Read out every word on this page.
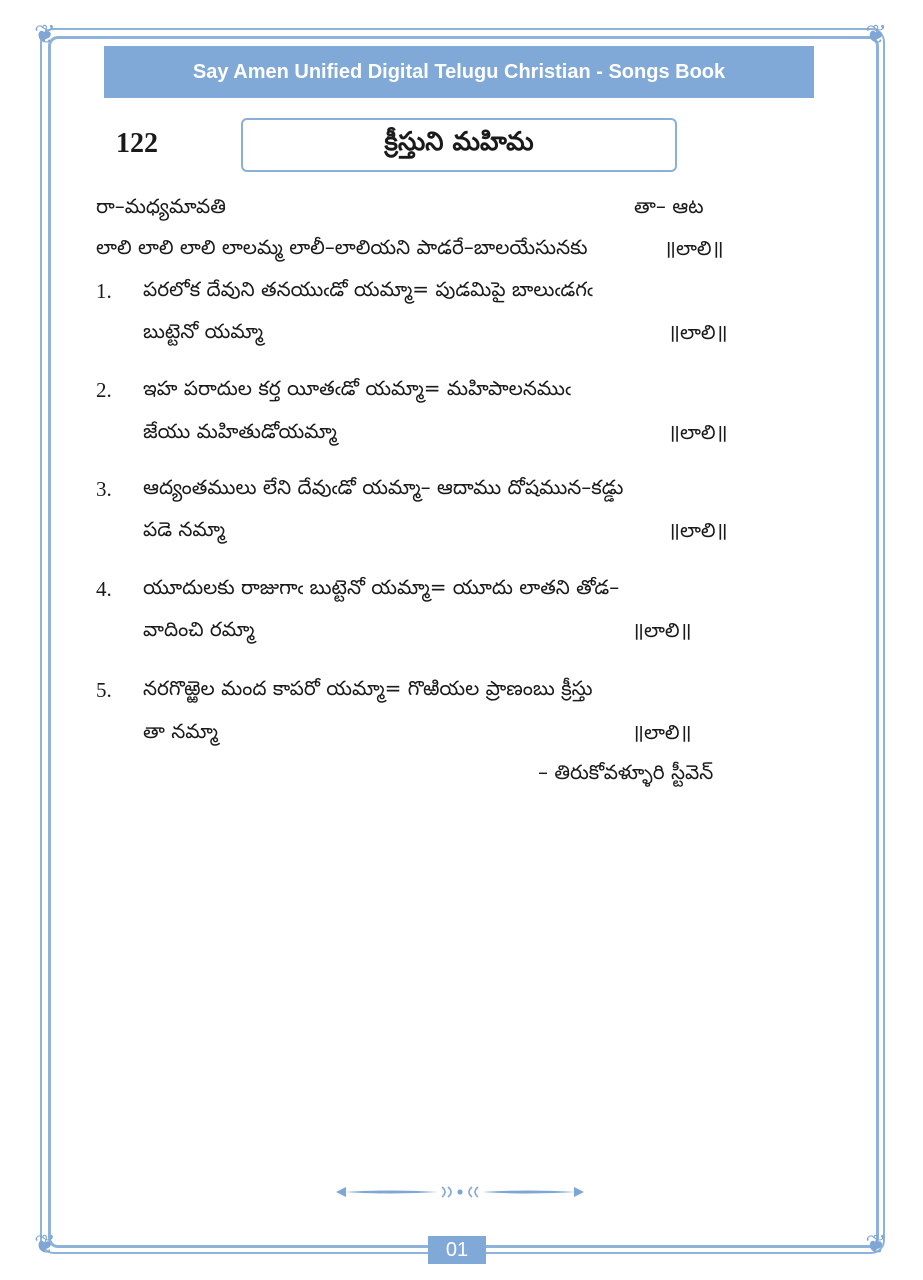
❦	❦
❦	❦
Say Amen Unified Digital Telugu Christian - Songs Book
122	క్రీస్తుని మహిమ
రా–మధ్యమావతి	తా– ఆట
లాలి లాలి లాలి లాలమ్మ లాలీ–లాలియని పాడరే–బాలయేసునకు	॥లాలి॥
1. పరలోక దేవుని తనయుఁడో యమ్మా= పుడమిపై బాలుఁడగఁ
బుట్టెనో యమ్మా	॥లాలి॥
2. ఇహ పరాదుల కర్త యీతఁడో యమ్మా= మహిపాలనముఁ
జేయు మహితుడోయమ్మా	॥లాలి॥
3. ఆద్యంతములు లేని దేవుఁడో యమ్మా– ఆదాము దోషమున–కడ్డు
పడె నమ్మా	॥లాలి॥
4. యూదులకు రాజుగాఁ బుట్టెనో యమ్మా= యూదు లాతని తోడ–
వాదించి రమ్మా	॥లాలి॥
5. నరగొఱ్ఱెల మంద కాపరో యమ్మా= గొఱియల ప్రాణంబు క్రీస్తు
తా నమ్మా	॥లాలి॥
– తిరుకోవళ్ళూరి స్టీవెన్
01
